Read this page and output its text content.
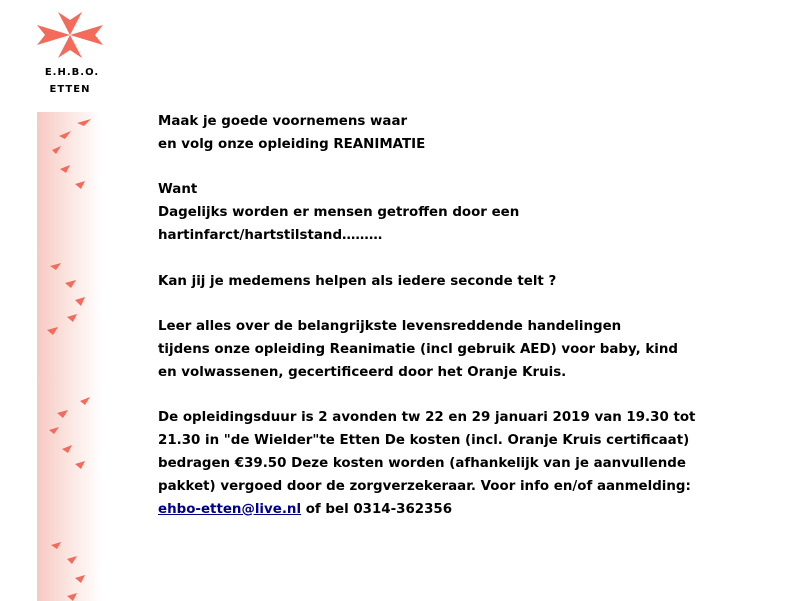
E.H.B.O.
ETTEN
Maak je goede voornemens waar
en volg onze opleiding REANIMATIE
Want
Dagelijks worden er mensen getroffen door een
hartinfarct/hartstilstand………
Kan jij je medemens helpen als iedere seconde telt ?
Leer alles over de belangrijkste levensreddende handelingen
tijdens onze opleiding Reanimatie (incl gebruik AED) voor baby, kind
en volwassenen, gecertificeerd door het Oranje Kruis.
De opleidingsduur is 2 avonden tw 22 en 29 januari 2019 van 19.30 tot
21.30 in "de Wielder"te Etten De kosten (incl. Oranje Kruis certificaat)
bedragen €39.50 Deze kosten worden (afhankelijk van je aanvullende
pakket) vergoed door de zorgverzekeraar. Voor info en/of aanmelding:
ehbo-etten@live.nl of bel 0314-362356
